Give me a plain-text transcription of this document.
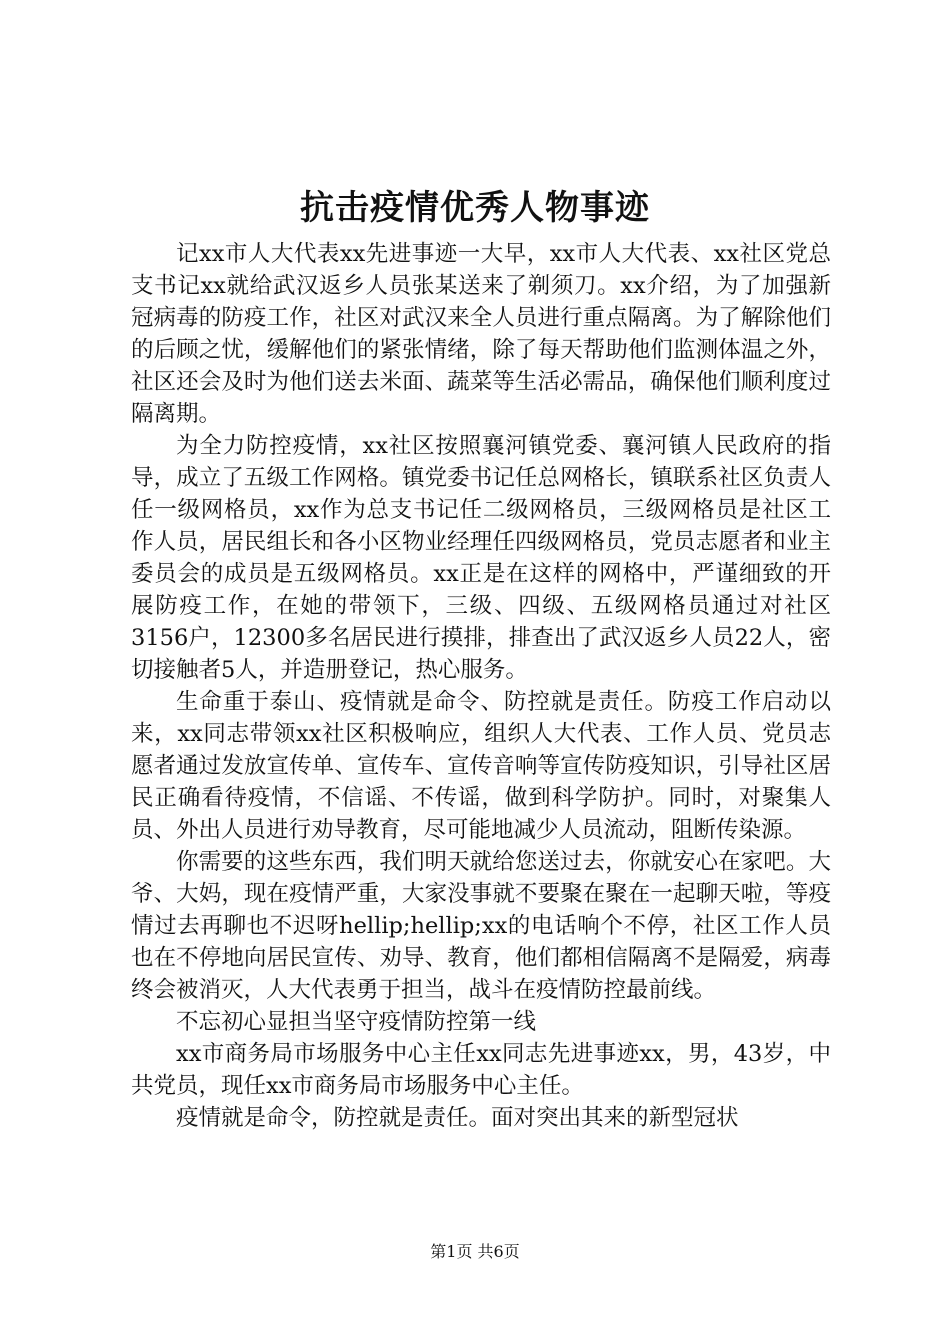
抗击疫情优秀人物事迹

记xx市人大代表xx先进事迹一大早，xx市人大代表、xx社区党总支书记xx就给武汉返乡人员张某送来了剃须刀。xx介绍，为了加强新冠病毒的防疫工作，社区对武汉来全人员进行重点隔离。为了解除他们的后顾之忧，缓解他们的紧张情绪，除了每天帮助他们监测体温之外，社区还会及时为他们送去米面、蔬菜等生活必需品，确保他们顺利度过隔离期。

为全力防控疫情，xx社区按照襄河镇党委、襄河镇人民政府的指导，成立了五级工作网格。镇党委书记任总网格长，镇联系社区负责人任一级网格员，xx作为总支书记任二级网格员，三级网格员是社区工作人员，居民组长和各小区物业经理任四级网格员，党员志愿者和业主委员会的成员是五级网格员。xx正是在这样的网格中，严谨细致的开展防疫工作，在她的带领下，三级、四级、五级网格员通过对社区3156户，12300多名居民进行摸排，排查出了武汉返乡人员22人，密切接触者5人，并造册登记，热心服务。

生命重于泰山、疫情就是命令、防控就是责任。防疫工作启动以来，xx同志带领xx社区积极响应，组织人大代表、工作人员、党员志愿者通过发放宣传单、宣传车、宣传音响等宣传防疫知识，引导社区居民正确看待疫情，不信谣、不传谣，做到科学防护。同时，对聚集人员、外出人员进行劝导教育，尽可能地减少人员流动，阻断传染源。

你需要的这些东西，我们明天就给您送过去，你就安心在家吧。大爷、大妈，现在疫情严重，大家没事就不要聚在聚在一起聊天啦，等疫情过去再聊也不迟呀hellip;hellip;xx的电话响个不停，社区工作人员也在不停地向居民宣传、劝导、教育，他们都相信隔离不是隔爱，病毒终会被消灭，人大代表勇于担当，战斗在疫情防控最前线。

不忘初心显担当坚守疫情防控第一线

xx市商务局市场服务中心主任xx同志先进事迹xx，男，43岁，中共党员，现任xx市商务局市场服务中心主任。

疫情就是命令，防控就是责任。面对突出其来的新型冠状

第1页 共6页
